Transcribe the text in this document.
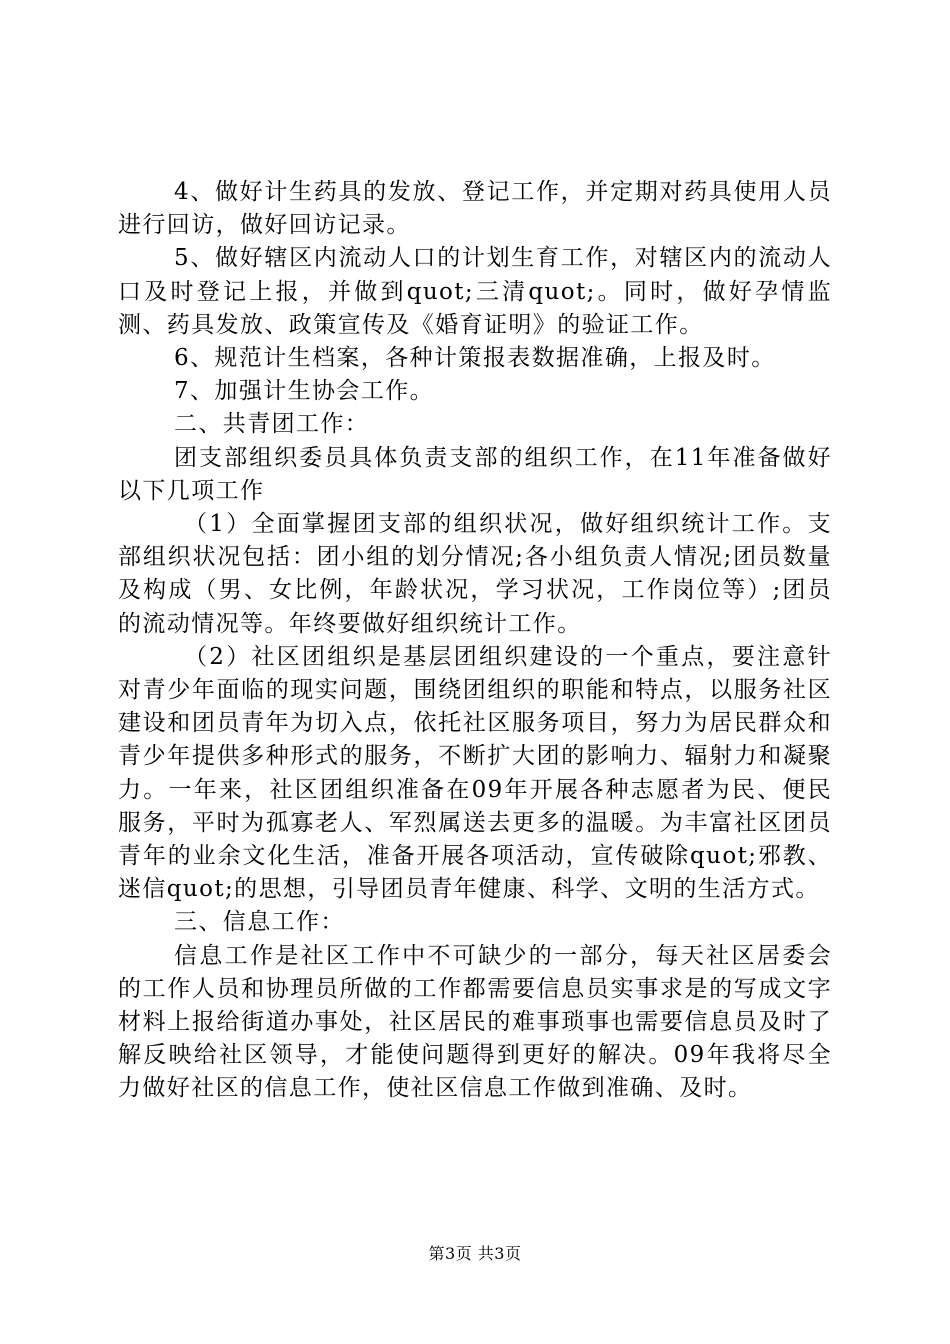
4、做好计生药具的发放、登记工作，并定期对药具使用人员进行回访，做好回访记录。

5、做好辖区内流动人口的计划生育工作，对辖区内的流动人口及时登记上报，并做到quot;三清quot;。同时，做好孕情监测、药具发放、政策宣传及《婚育证明》的验证工作。

6、规范计生档案，各种计策报表数据准确，上报及时。

7、加强计生协会工作。

二、共青团工作：

团支部组织委员具体负责支部的组织工作，在11年准备做好以下几项工作

（1）全面掌握团支部的组织状况，做好组织统计工作。支部组织状况包括：团小组的划分情况;各小组负责人情况;团员数量及构成（男、女比例，年龄状况，学习状况，工作岗位等）;团员的流动情况等。年终要做好组织统计工作。

（2）社区团组织是基层团组织建设的一个重点，要注意针对青少年面临的现实问题，围绕团组织的职能和特点，以服务社区建设和团员青年为切入点，依托社区服务项目，努力为居民群众和青少年提供多种形式的服务，不断扩大团的影响力、辐射力和凝聚力。一年来，社区团组织准备在09年开展各种志愿者为民、便民服务，平时为孤寡老人、军烈属送去更多的温暖。为丰富社区团员青年的业余文化生活，准备开展各项活动，宣传破除quot;邪教、迷信quot;的思想，引导团员青年健康、科学、文明的生活方式。

三、信息工作：

信息工作是社区工作中不可缺少的一部分，每天社区居委会的工作人员和协理员所做的工作都需要信息员实事求是的写成文字材料上报给街道办事处，社区居民的难事琐事也需要信息员及时了解反映给社区领导，才能使问题得到更好的解决。09年我将尽全力做好社区的信息工作，使社区信息工作做到准确、及时。

第3页 共3页
